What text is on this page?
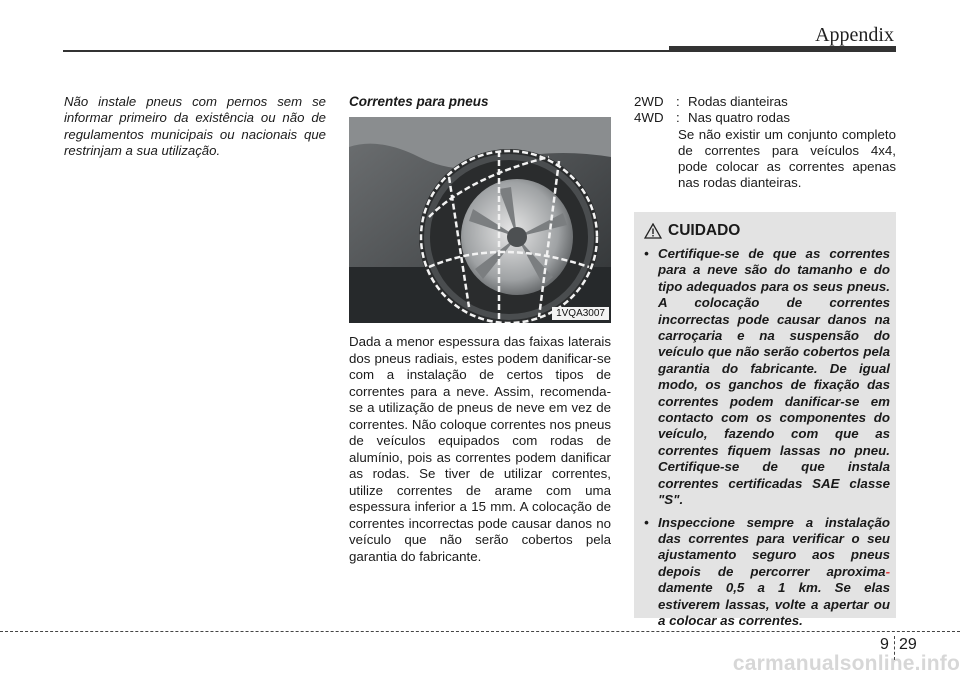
Appendix
Não instale pneus com pernos sem se informar primeiro da existência ou não de regulamentos municipais ou nacionais que restrinjam a sua utilização.
Correntes para pneus
1VQA3007
Dada a menor espessura das faixas laterais dos pneus radiais, estes podem danificar-se com a instalação de certos tipos de correntes para a neve. Assim, recomenda-se a utilização de pneus de neve em vez de correntes. Não coloque correntes nos pneus de veículos equipados com rodas de alumínio, pois as correntes podem danificar as rodas. Se tiver de utilizar correntes, utilize correntes de arame com uma espessura inferior a 15 mm. A colocação de correntes incorrectas pode causar danos no veículo que não serão cobertos pela garantia do fabricante.
2WD : Rodas dianteiras
4WD : Nas quatro rodas
Se não existir um conjunto completo de correntes para veículos 4x4, pode colocar as correntes apenas nas rodas dianteiras.
CUIDADO
• Certifique-se de que as correntes para a neve são do tamanho e do tipo adequados para os seus pneus. A colocação de correntes incorrectas pode causar danos na carroçaria e na suspensão do veículo que não serão cobertos pela garantia do fabricante. De igual modo, os ganchos de fixação das correntes podem danificar-se em contacto com os componentes do veículo, fazendo com que as correntes fiquem lassas no pneu. Certifique-se de que instala correntes certificadas SAE classe "S".
• Inspeccione sempre a instalação das correntes para verificar o seu ajustamento seguro aos pneus depois de percorrer aproxima- damente 0,5 a 1 km. Se elas estiverem lassas, volte a apertar ou a colocar as correntes.
9 29
carmanualsonline.info
